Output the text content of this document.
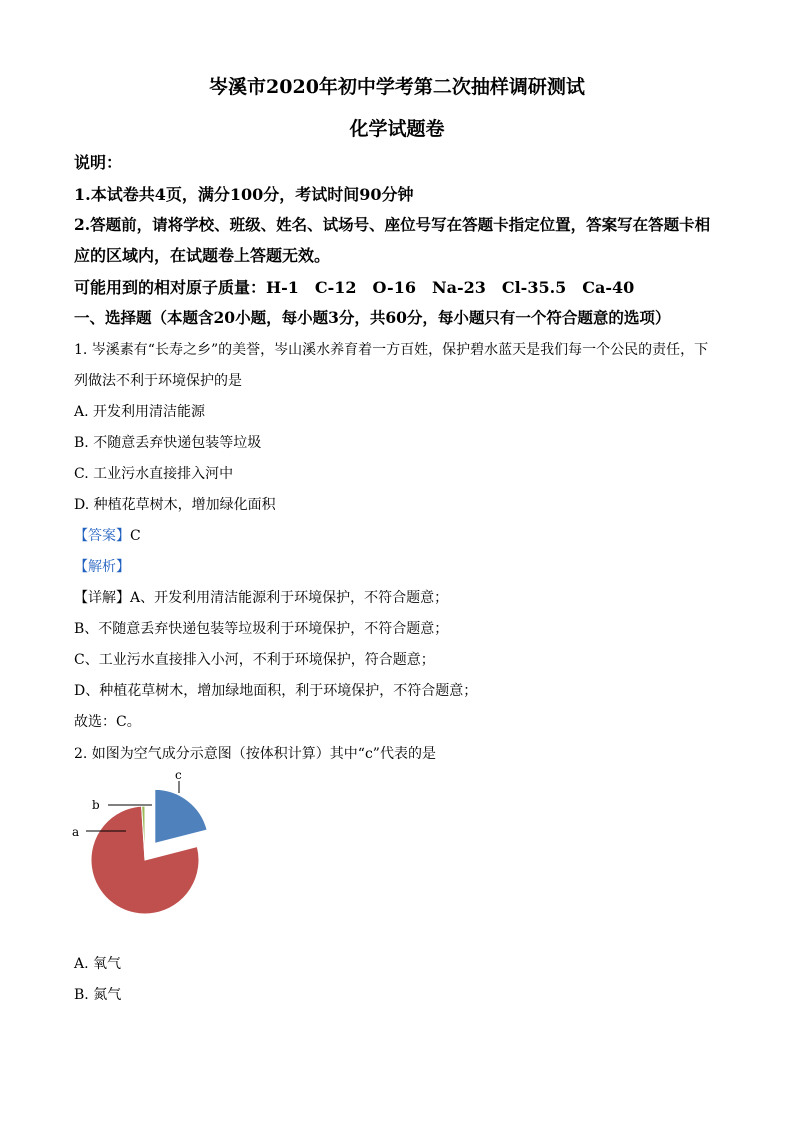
岑溪市2020年初中学考第二次抽样调研测试
化学试题卷
说明：
1.本试卷共4页，满分100分，考试时间90分钟
2.答题前，请将学校、班级、姓名、试场号、座位号写在答题卡指定位置，答案写在答题卡相
应的区域内，在试题卷上答题无效。
可能用到的相对原子质量：H-1　C-12　O-16　Na-23　Cl-35.5　Ca-40
一、选择题（本题含20小题，每小题3分，共60分，每小题只有一个符合题意的选项）
1. 岑溪素有“长寿之乡”的美誉，岑山溪水养育着一方百姓，保护碧水蓝天是我们每一个公民的责任，下
列做法不利于环境保护的是
A. 开发利用清洁能源
B. 不随意丢弃快递包装等垃圾
C. 工业污水直接排入河中
D. 种植花草树木，增加绿化面积
【答案】C
【解析】
【详解】A、开发利用清洁能源利于环境保护，不符合题意；
B、不随意丢弃快递包装等垃圾利于环境保护，不符合题意；
C、工业污水直接排入小河，不利于环境保护，符合题意；
D、种植花草树木，增加绿地面积，利于环境保护，不符合题意；
故选：C。
2. 如图为空气成分示意图（按体积计算）其中“c”代表的是
a
b
c
A. 氧气
B. 氮气
